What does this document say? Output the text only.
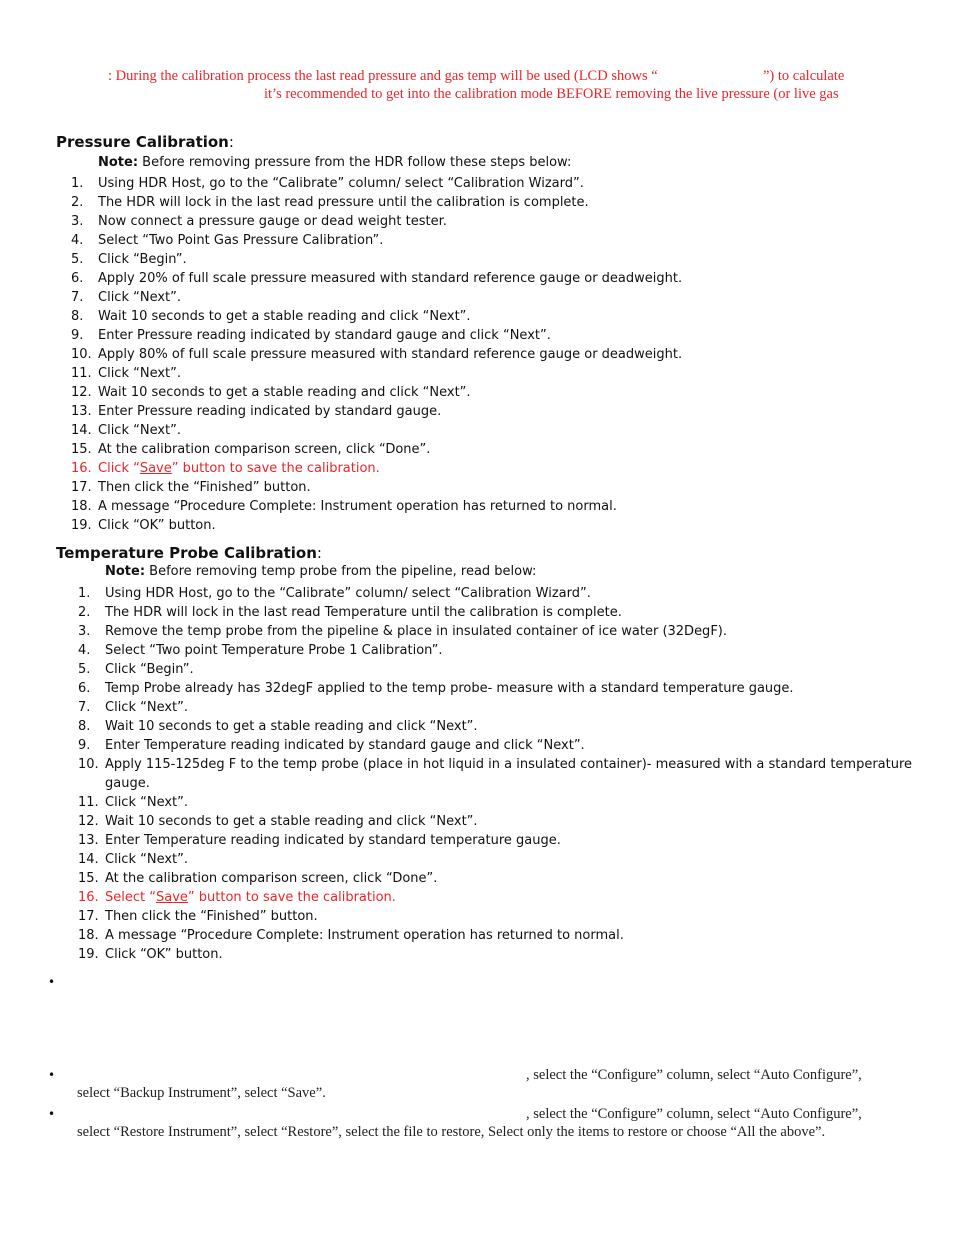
: During the calibration process the last read pressure and gas temp will be used (LCD shows “	”) to calculate
it’s recommended to get into the calibration mode BEFORE removing the live pressure (or live gas
Pressure Calibration:
Note: Before removing pressure from the HDR follow these steps below:
1. Using HDR Host, go to the “Calibrate” column/ select “Calibration Wizard”.
2. The HDR will lock in the last read pressure until the calibration is complete.
3. Now connect a pressure gauge or dead weight tester.
4. Select “Two Point Gas Pressure Calibration”.
5. Click “Begin”.
6. Apply 20% of full scale pressure measured with standard reference gauge or deadweight.
7. Click “Next”.
8. Wait 10 seconds to get a stable reading and click “Next”.
9. Enter Pressure reading indicated by standard gauge and click “Next”.
10. Apply 80% of full scale pressure measured with standard reference gauge or deadweight.
11. Click “Next”.
12. Wait 10 seconds to get a stable reading and click “Next”.
13. Enter Pressure reading indicated by standard gauge.
14. Click “Next”.
15. At the calibration comparison screen, click “Done”.
16. Click “Save” button to save the calibration.
17. Then click the “Finished” button.
18. A message “Procedure Complete: Instrument operation has returned to normal.
19. Click “OK” button.
Temperature Probe Calibration:
Note: Before removing temp probe from the pipeline, read below:
1. Using HDR Host, go to the “Calibrate” column/ select “Calibration Wizard”.
2. The HDR will lock in the last read Temperature until the calibration is complete.
3. Remove the temp probe from the pipeline & place in insulated container of ice water (32DegF).
4. Select “Two point Temperature Probe 1 Calibration”.
5. Click “Begin”.
6. Temp Probe already has 32degF applied to the temp probe- measure with a standard temperature gauge.
7. Click “Next”.
8. Wait 10 seconds to get a stable reading and click “Next”.
9. Enter Temperature reading indicated by standard gauge and click “Next”.
10. Apply 115-125deg F to the temp probe (place in hot liquid in a insulated container)- measured with a standard temperature
gauge.
11. Click “Next”.
12. Wait 10 seconds to get a stable reading and click “Next”.
13. Enter Temperature reading indicated by standard temperature gauge.
14. Click “Next”.
15. At the calibration comparison screen, click “Done”.
16. Select “Save” button to save the calibration.
17. Then click the “Finished” button.
18. A message “Procedure Complete: Instrument operation has returned to normal.
19. Click “OK” button.
•
•	, select the “Configure” column, select “Auto Configure”,
select “Backup Instrument”, select “Save”.
•	, select the “Configure” column, select “Auto Configure”,
select “Restore Instrument”, select “Restore”, select the file to restore, Select only the items to restore or choose “All the above”.
